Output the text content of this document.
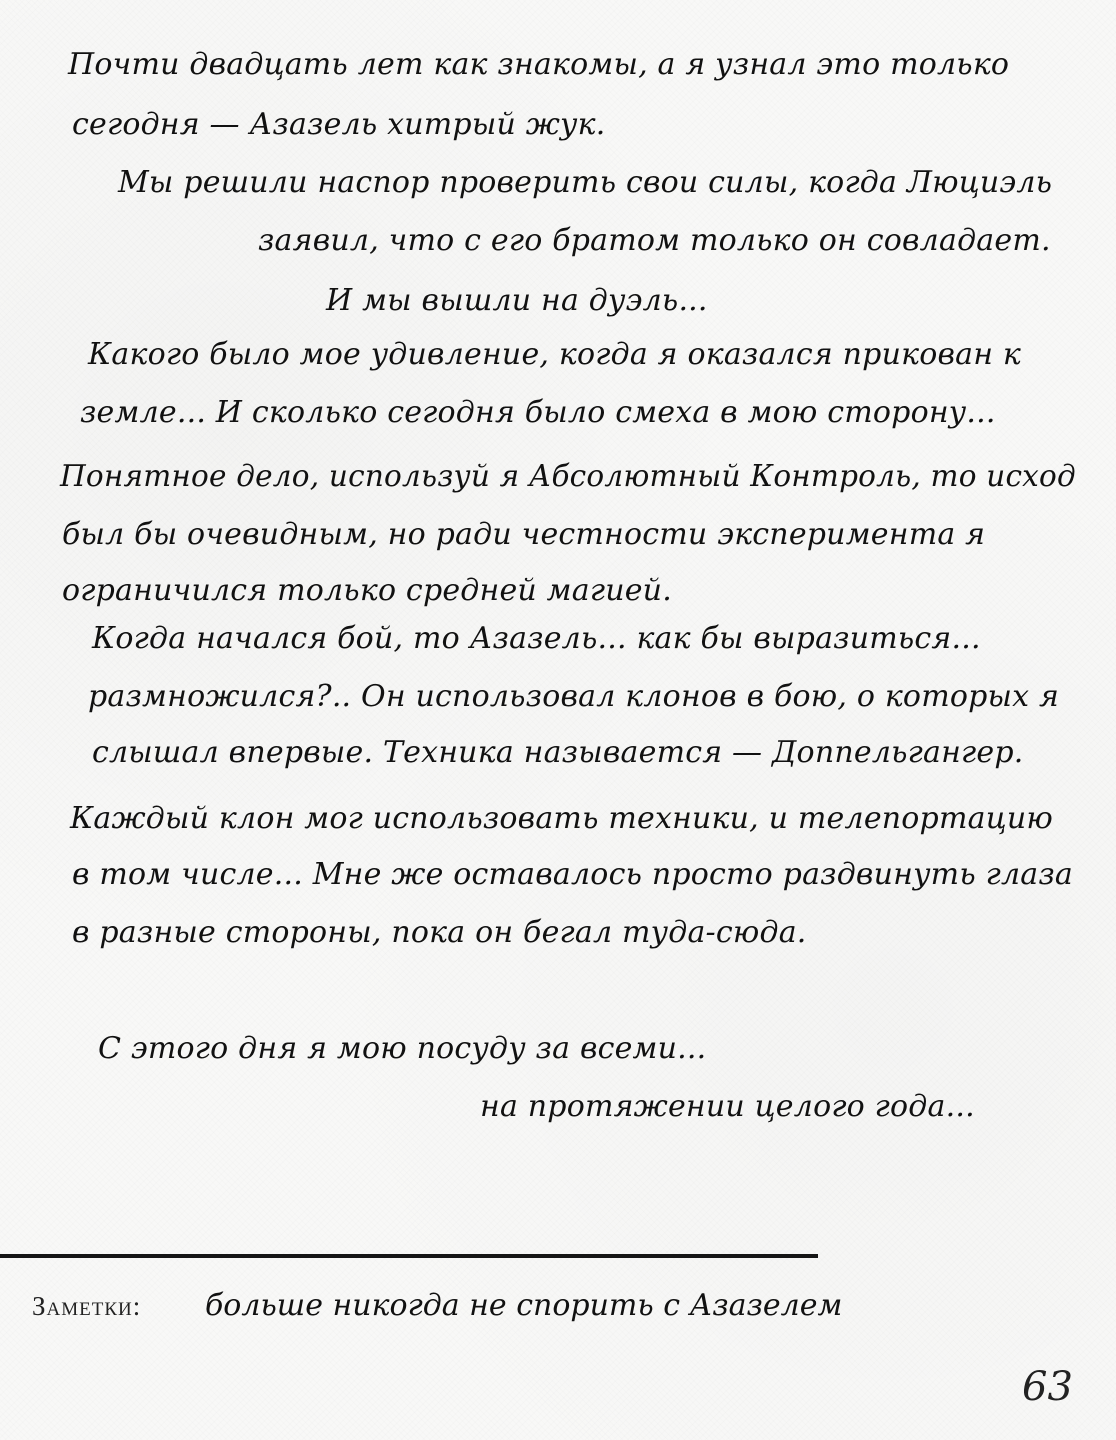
Почти двадцать лет как знакомы, а я узнал это только
сегодня — Азазель хитрый жук.
Мы решили наспор проверить свои силы, когда Люциэль
заявил, что с его братом только он совладает.
И мы вышли на дуэль...
Какого было мое удивление, когда я оказался прикован к
земле... И сколько сегодня было смеха в мою сторону...
Понятное дело, используй я Абсолютный Контроль, то исход
был бы очевидным, но ради честности эксперимента я
ограничился только средней магией.
Когда начался бой, то Азазель... как бы выразиться...
размножился?.. Он использовал клонов в бою, о которых я
слышал впервые. Техника называется — Доппельгангер.
Каждый клон мог использовать техники, и телепортацию
в том числе... Мне же оставалось просто раздвинуть глаза
в разные стороны, пока он бегал туда-сюда.
С этого дня я мою посуду за всеми...
на протяжении целого года...
Заметки: больше никогда не спорить с Азазелем
63
